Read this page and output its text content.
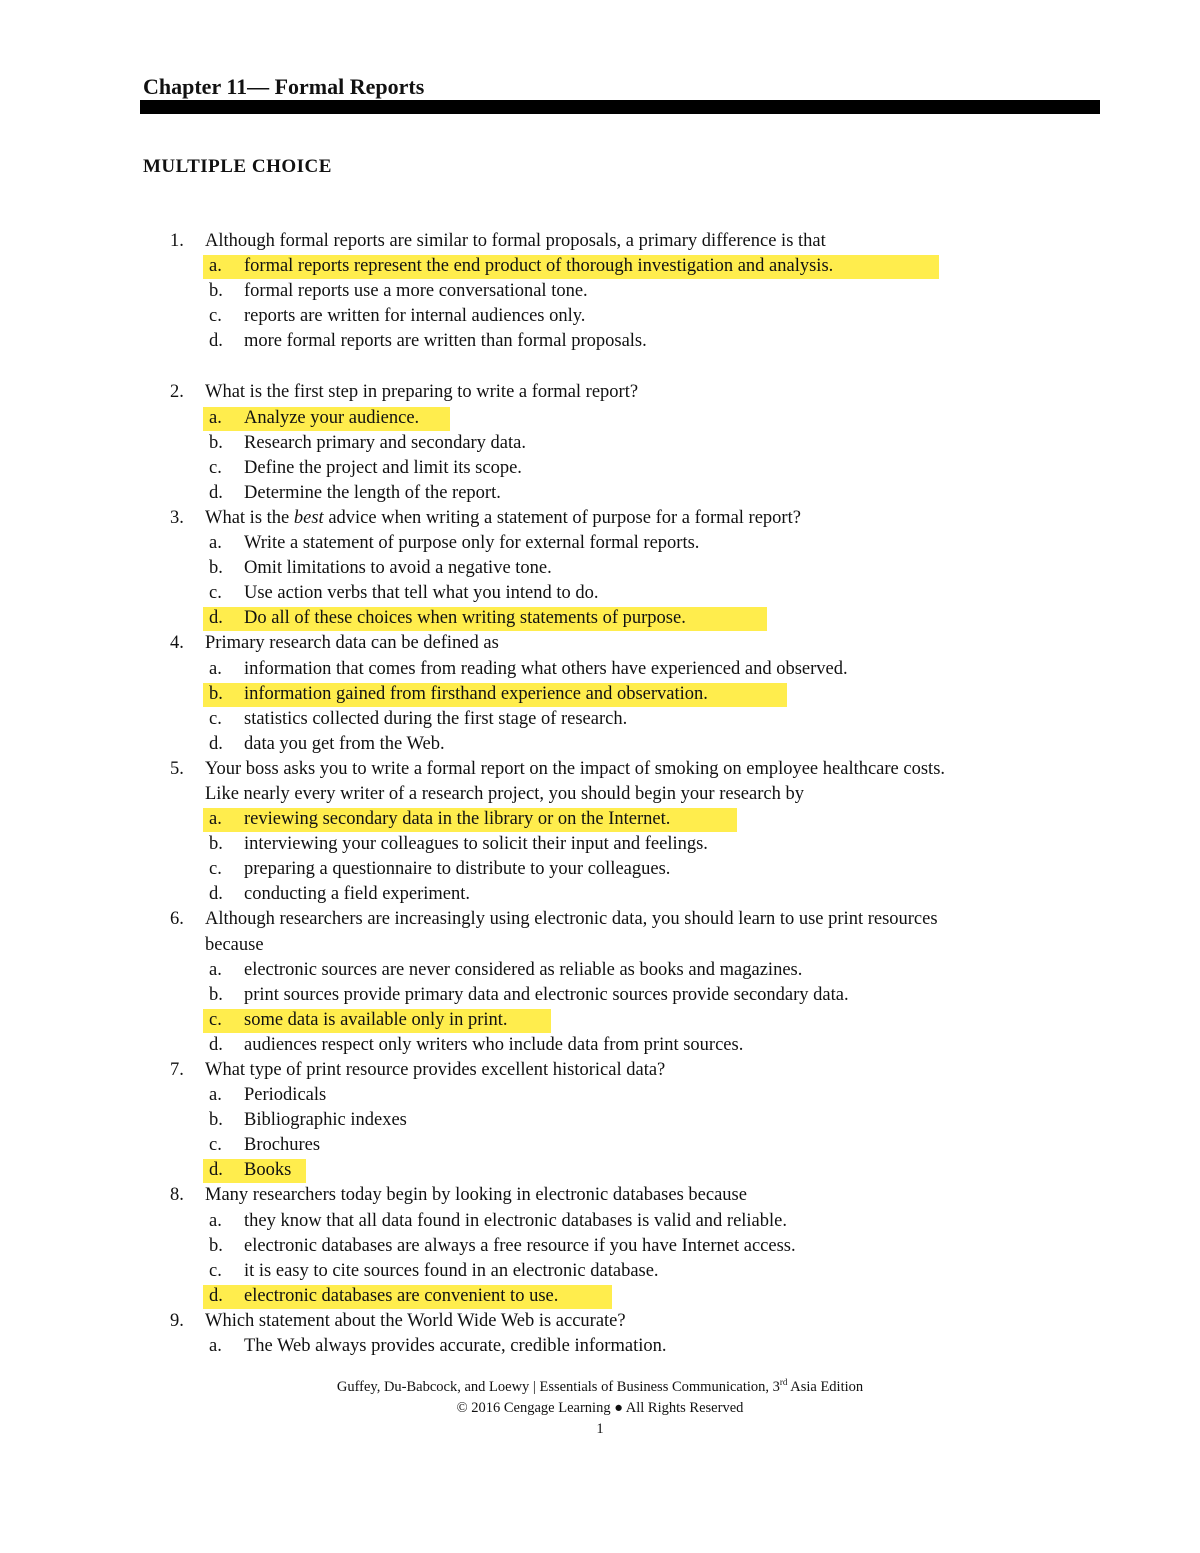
Chapter 11— Formal Reports
MULTIPLE CHOICE
1. Although formal reports are similar to formal proposals, a primary difference is that
a. formal reports represent the end product of thorough investigation and analysis.
b. formal reports use a more conversational tone.
c. reports are written for internal audiences only.
d. more formal reports are written than formal proposals.
2. What is the first step in preparing to write a formal report?
a. Analyze your audience.
b. Research primary and secondary data.
c. Define the project and limit its scope.
d. Determine the length of the report.
3. What is the best advice when writing a statement of purpose for a formal report?
a. Write a statement of purpose only for external formal reports.
b. Omit limitations to avoid a negative tone.
c. Use action verbs that tell what you intend to do.
d. Do all of these choices when writing statements of purpose.
4. Primary research data can be defined as
a. information that comes from reading what others have experienced and observed.
b. information gained from firsthand experience and observation.
c. statistics collected during the first stage of research.
d. data you get from the Web.
5. Your boss asks you to write a formal report on the impact of smoking on employee healthcare costs.
Like nearly every writer of a research project, you should begin your research by
a. reviewing secondary data in the library or on the Internet.
b. interviewing your colleagues to solicit their input and feelings.
c. preparing a questionnaire to distribute to your colleagues.
d. conducting a field experiment.
6. Although researchers are increasingly using electronic data, you should learn to use print resources
because
a. electronic sources are never considered as reliable as books and magazines.
b. print sources provide primary data and electronic sources provide secondary data.
c. some data is available only in print.
d. audiences respect only writers who include data from print sources.
7. What type of print resource provides excellent historical data?
a. Periodicals
b. Bibliographic indexes
c. Brochures
d. Books
8. Many researchers today begin by looking in electronic databases because
a. they know that all data found in electronic databases is valid and reliable.
b. electronic databases are always a free resource if you have Internet access.
c. it is easy to cite sources found in an electronic database.
d. electronic databases are convenient to use.
9. Which statement about the World Wide Web is accurate?
a. The Web always provides accurate, credible information.
Guffey, Du-Babcock, and Loewy | Essentials of Business Communication, 3rd Asia Edition
© 2016 Cengage Learning ● All Rights Reserved
1
